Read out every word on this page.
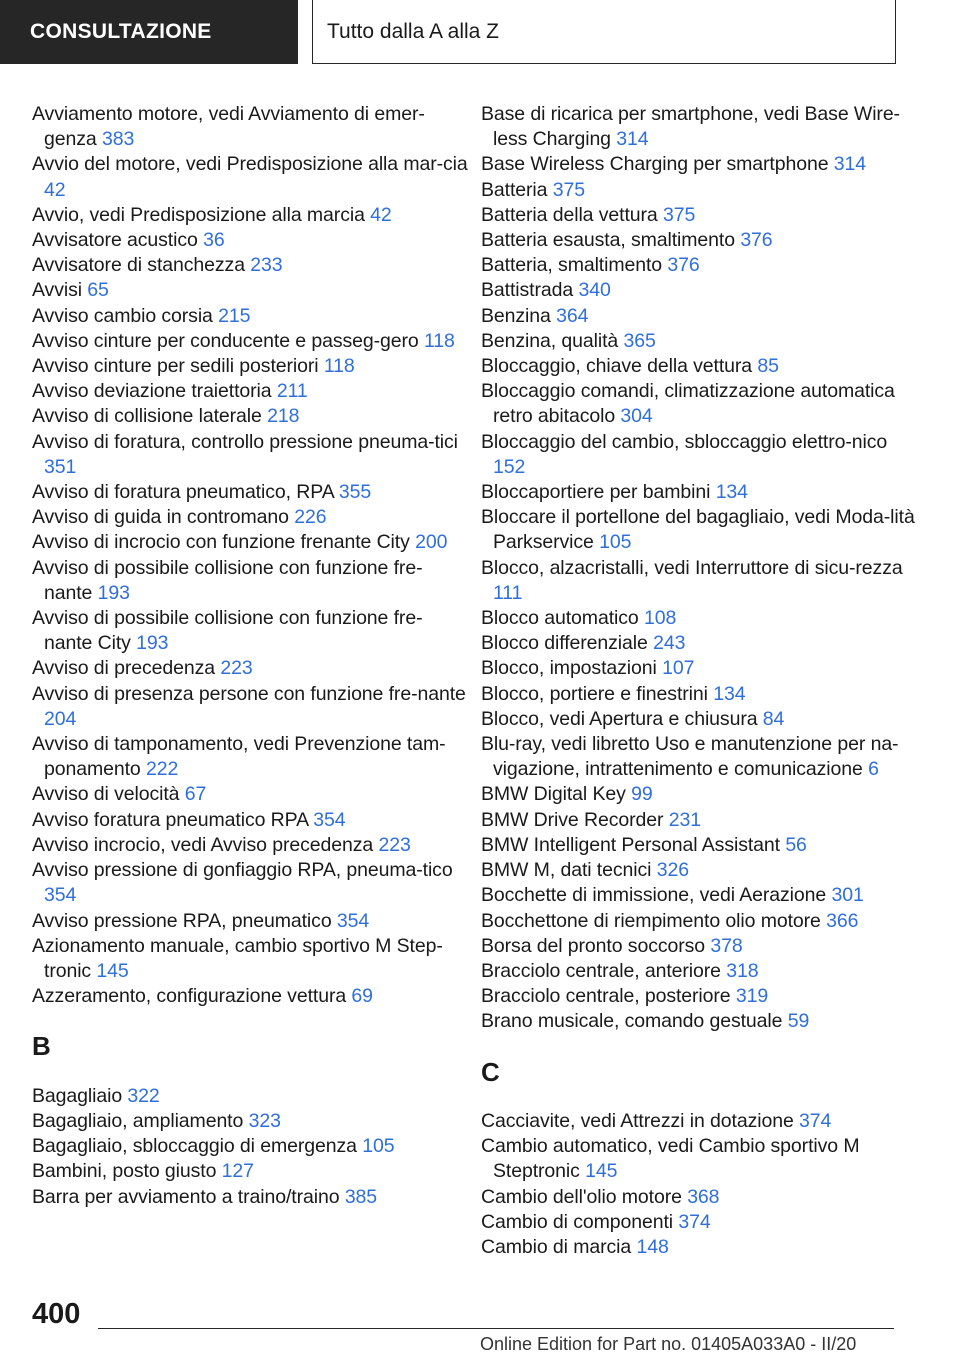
CONSULTAZIONE	Tutto dalla A alla Z
Avviamento motore, vedi Avviamento di emer‐genza 383
Avvio del motore, vedi Predisposizione alla mar‐cia 42
Avvio, vedi Predisposizione alla marcia 42
Avvisatore acustico 36
Avvisatore di stanchezza 233
Avvisi 65
Avviso cambio corsia 215
Avviso cinture per conducente e passeg‐gero 118
Avviso cinture per sedili posteriori 118
Avviso deviazione traiettoria 211
Avviso di collisione laterale 218
Avviso di foratura, controllo pressione pneuma‐tici 351
Avviso di foratura pneumatico, RPA 355
Avviso di guida in contromano 226
Avviso di incrocio con funzione frenante City 200
Avviso di possibile collisione con funzione fre‐nante 193
Avviso di possibile collisione con funzione fre‐nante City 193
Avviso di precedenza 223
Avviso di presenza persone con funzione fre‐nante 204
Avviso di tamponamento, vedi Prevenzione tam‐ponamento 222
Avviso di velocità 67
Avviso foratura pneumatico RPA 354
Avviso incrocio, vedi Avviso precedenza 223
Avviso pressione di gonfiaggio RPA, pneuma‐tico 354
Avviso pressione RPA, pneumatico 354
Azionamento manuale, cambio sportivo M Step‐tronic 145
Azzeramento, configurazione vettura 69
B
Bagagliaio 322
Bagagliaio, ampliamento 323
Bagagliaio, sbloccaggio di emergenza 105
Bambini, posto giusto 127
Barra per avviamento a traino/traino 385
Base di ricarica per smartphone, vedi Base Wire‐less Charging 314
Base Wireless Charging per smartphone 314
Batteria 375
Batteria della vettura 375
Batteria esausta, smaltimento 376
Batteria, smaltimento 376
Battistrada 340
Benzina 364
Benzina, qualità 365
Bloccaggio, chiave della vettura 85
Bloccaggio comandi, climatizzazione automatica retro abitacolo 304
Bloccaggio del cambio, sbloccaggio elettro‐nico 152
Bloccaportiere per bambini 134
Bloccare il portellone del bagagliaio, vedi Moda‐lità Parkservice 105
Blocco, alzacristalli, vedi Interruttore di sicu‐rezza 111
Blocco automatico 108
Blocco differenziale 243
Blocco, impostazioni 107
Blocco, portiere e finestrini 134
Blocco, vedi Apertura e chiusura 84
Blu-ray, vedi libretto Uso e manutenzione per na‐vigazione, intrattenimento e comunicazione 6
BMW Digital Key 99
BMW Drive Recorder 231
BMW Intelligent Personal Assistant 56
BMW M, dati tecnici 326
Bocchette di immissione, vedi Aerazione 301
Bocchettone di riempimento olio motore 366
Borsa del pronto soccorso 378
Bracciolo centrale, anteriore 318
Bracciolo centrale, posteriore 319
Brano musicale, comando gestuale 59
C
Cacciavite, vedi Attrezzi in dotazione 374
Cambio automatico, vedi Cambio sportivo M Steptronic 145
Cambio dell'olio motore 368
Cambio di componenti 374
Cambio di marcia 148
400
Online Edition for Part no. 01405A033A0 - II/20
